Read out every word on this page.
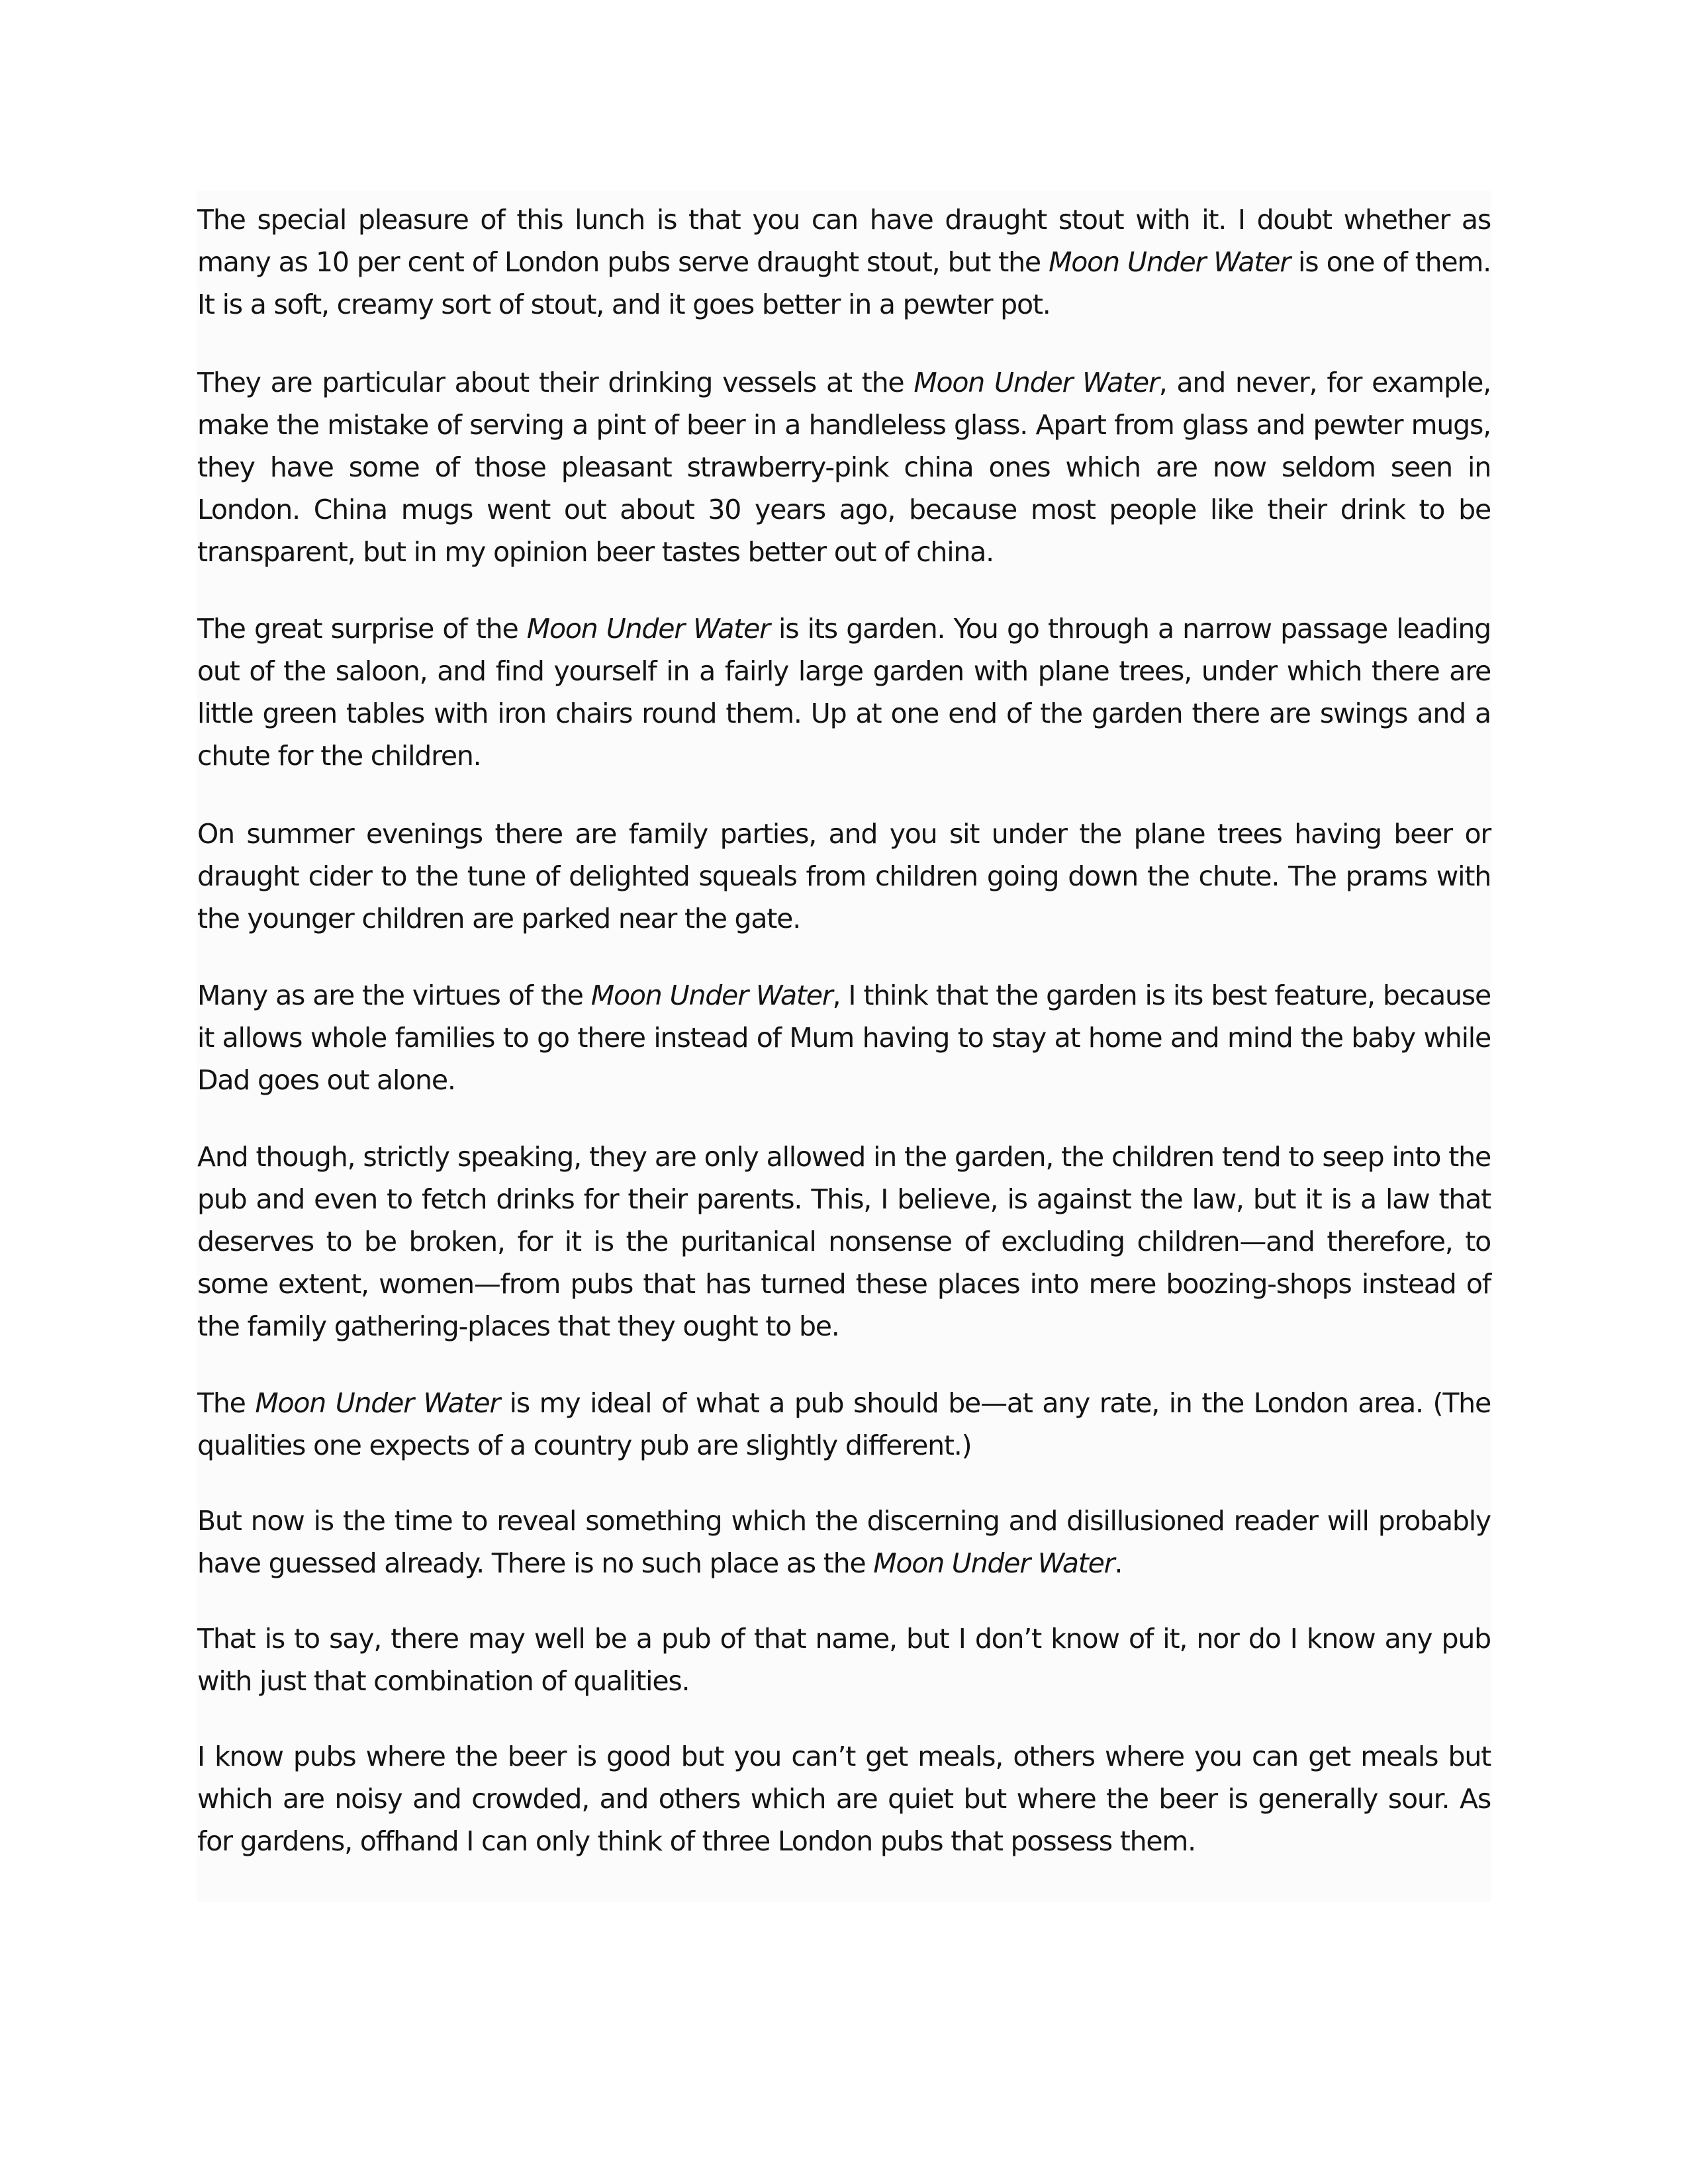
The special pleasure of this lunch is that you can have draught stout with it. I doubt whether as many as 10 per cent of London pubs serve draught stout, but the Moon Under Water is one of them. It is a soft, creamy sort of stout, and it goes better in a pewter pot.

They are particular about their drinking vessels at the Moon Under Water, and never, for example, make the mistake of serving a pint of beer in a handleless glass. Apart from glass and pewter mugs, they have some of those pleasant strawberry-pink china ones which are now seldom seen in London. China mugs went out about 30 years ago, because most people like their drink to be transparent, but in my opinion beer tastes better out of china.

The great surprise of the Moon Under Water is its garden. You go through a narrow passage leading out of the saloon, and find yourself in a fairly large garden with plane trees, under which there are little green tables with iron chairs round them. Up at one end of the garden there are swings and a chute for the children.

On summer evenings there are family parties, and you sit under the plane trees having beer or draught cider to the tune of delighted squeals from children going down the chute. The prams with the younger children are parked near the gate.

Many as are the virtues of the Moon Under Water, I think that the garden is its best feature, because it allows whole families to go there instead of Mum having to stay at home and mind the baby while Dad goes out alone.

And though, strictly speaking, they are only allowed in the garden, the children tend to seep into the pub and even to fetch drinks for their parents. This, I believe, is against the law, but it is a law that deserves to be broken, for it is the puritanical nonsense of excluding children—and therefore, to some extent, women—from pubs that has turned these places into mere boozing-shops instead of the family gathering-places that they ought to be.

The Moon Under Water is my ideal of what a pub should be—at any rate, in the London area. (The qualities one expects of a country pub are slightly different.)

But now is the time to reveal something which the discerning and disillusioned reader will probably have guessed already. There is no such place as the Moon Under Water.

That is to say, there may well be a pub of that name, but I don’t know of it, nor do I know any pub with just that combination of qualities.

I know pubs where the beer is good but you can’t get meals, others where you can get meals but which are noisy and crowded, and others which are quiet but where the beer is generally sour. As for gardens, offhand I can only think of three London pubs that possess them.
